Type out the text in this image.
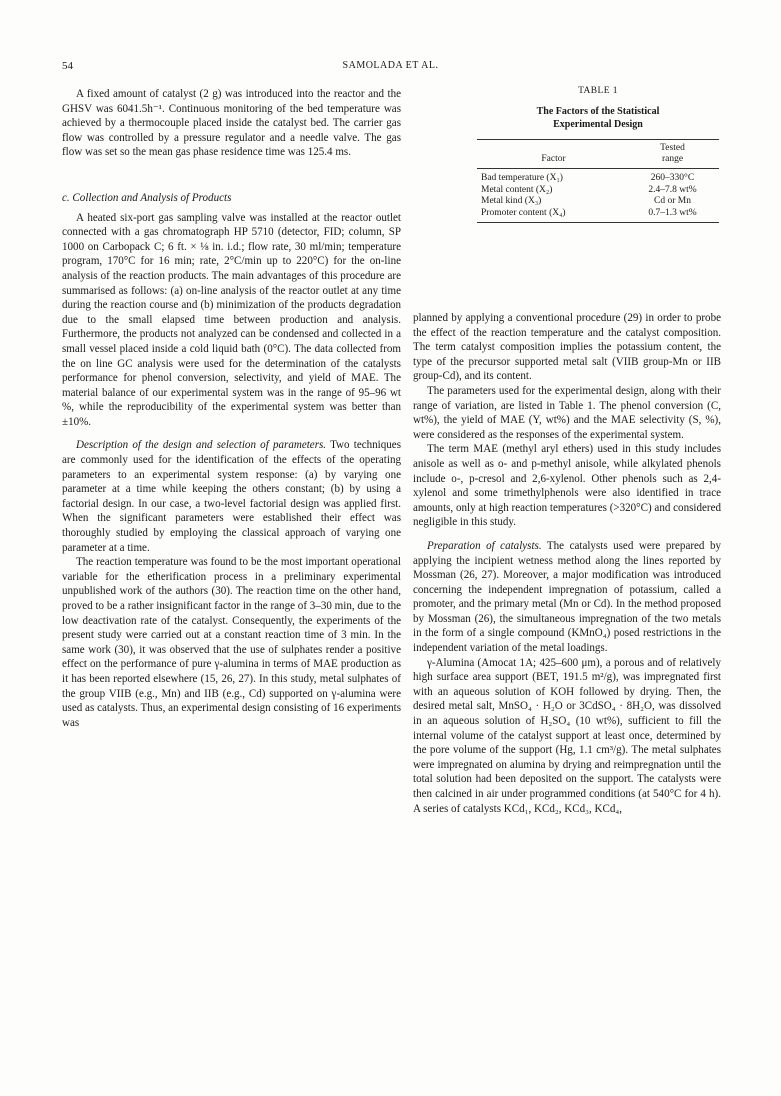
54	SAMOLADA ET AL.

A fixed amount of catalyst (2 g) was introduced into the reactor and the GHSV was 6041.5h⁻¹. Continuous monitoring of the bed temperature was achieved by a thermocouple placed inside the catalyst bed. The carrier gas flow was controlled by a pressure regulator and a needle valve. The gas flow was set so the mean gas phase residence time was 125.4 ms.

c. Collection and Analysis of Products

A heated six-port gas sampling valve was installed at the reactor outlet connected with a gas chromatograph HP 5710 (detector, FID; column, SP 1000 on Carbopack C; 6 ft. × ⅛ in. i.d.; flow rate, 30 ml/min; temperature program, 170°C for 16 min; rate, 2°C/min up to 220°C) for the on-line analysis of the reaction products. The main advantages of this procedure are summarised as follows: (a) on-line analysis of the reactor outlet at any time during the reaction course and (b) minimization of the products degradation due to the small elapsed time between production and analysis. Furthermore, the products not analyzed can be condensed and collected in a small vessel placed inside a cold liquid bath (0°C). The data collected from the on line GC analysis were used for the determination of the catalysts performance for phenol conversion, selectivity, and yield of MAE. The material balance of our experimental system was in the range of 95–96 wt %, while the reproducibility of the experimental system was better than ±10%.

Description of the design and selection of parameters. Two techniques are commonly used for the identification of the effects of the operating parameters to an experimental system response: (a) by varying one parameter at a time while keeping the others constant; (b) by using a factorial design. In our case, a two-level factorial design was applied first. When the significant parameters were established their effect was thoroughly studied by employing the classical approach of varying one parameter at a time.

The reaction temperature was found to be the most important operational variable for the etherification process in a preliminary experimental unpublished work of the authors (30). The reaction time on the other hand, proved to be a rather insignificant factor in the range of 3–30 min, due to the low deactivation rate of the catalyst. Consequently, the experiments of the present study were carried out at a constant reaction time of 3 min. In the same work (30), it was observed that the use of sulphates render a positive effect on the performance of pure γ-alumina in terms of MAE production as it has been reported elsewhere (15, 26, 27). In this study, metal sulphates of the group VIIB (e.g., Mn) and IIB (e.g., Cd) supported on γ-alumina were used as catalysts. Thus, an experimental design consisting of 16 experiments was

TABLE 1
The Factors of the Statistical
Experimental Design
Factor
Tested
range
Bad temperature (X₁)	260–330°C
Metal content (X₂)	2.4–7.8 wt%
Metal kind (X₃)	Cd or Mn
Promoter content (X₄)	0.7–1.3 wt%

planned by applying a conventional procedure (29) in order to probe the effect of the reaction temperature and the catalyst composition. The term catalyst composition implies the potassium content, the type of the precursor supported metal salt (VIIB group-Mn or IIB group-Cd), and its content.

The parameters used for the experimental design, along with their range of variation, are listed in Table 1. The phenol conversion (C, wt%), the yield of MAE (Y, wt%) and the MAE selectivity (S, %), were considered as the responses of the experimental system.

The term MAE (methyl aryl ethers) used in this study includes anisole as well as o- and p-methyl anisole, while alkylated phenols include o-, p-cresol and 2,6-xylenol. Other phenols such as 2,4-xylenol and some trimethylphenols were also identified in trace amounts, only at high reaction temperatures (>320°C) and considered negligible in this study.

Preparation of catalysts. The catalysts used were prepared by applying the incipient wetness method along the lines reported by Mossman (26, 27). Moreover, a major modification was introduced concerning the independent impregnation of potassium, called a promoter, and the primary metal (Mn or Cd). In the method proposed by Mossman (26), the simultaneous impregnation of the two metals in the form of a single compound (KMnO₄) posed restrictions in the independent variation of the metal loadings.

γ-Alumina (Amocat 1A; 425–600 μm), a porous and of relatively high surface area support (BET, 191.5 m²/g), was impregnated first with an aqueous solution of KOH followed by drying. Then, the desired metal salt, MnSO₄ · H₂O or 3CdSO₄ · 8H₂O, was dissolved in an aqueous solution of H₂SO₄ (10 wt%), sufficient to fill the internal volume of the catalyst support at least once, determined by the pore volume of the support (Hg, 1.1 cm³/g). The metal sulphates were impregnated on alumina by drying and reimpregnation until the total solution had been deposited on the support. The catalysts were then calcined in air under programmed conditions (at 540°C for 4 h). A series of catalysts KCd₁, KCd₂, KCd₃, KCd₄,
